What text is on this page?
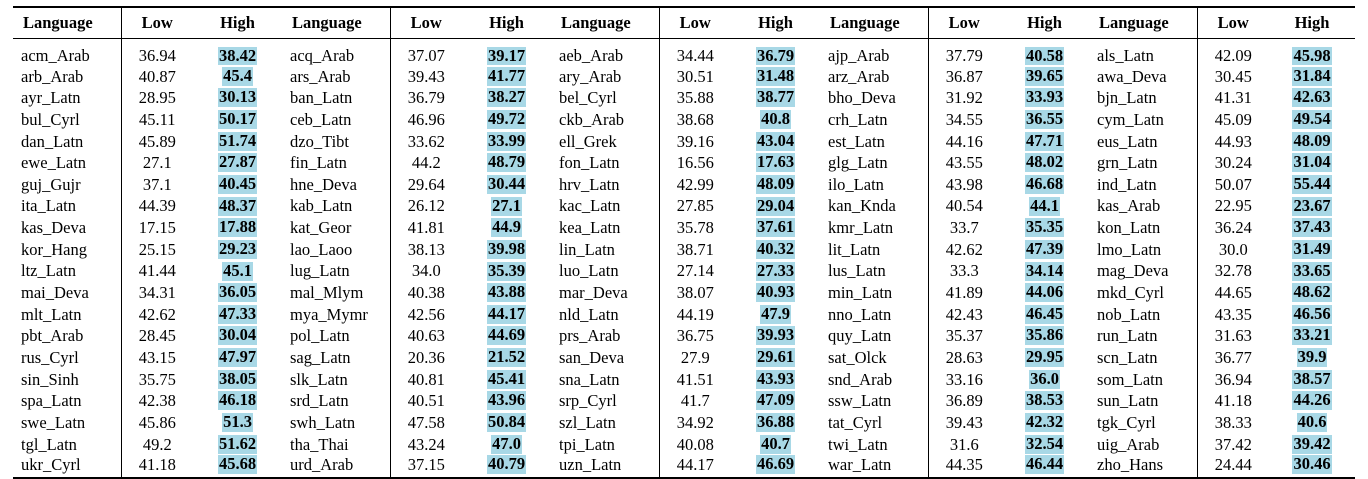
Language	Low	High	Language	Low	High	Language	Low	High	Language	Low	High	Language	Low	High
acm_Arab	36.94	38.42	acq_Arab	37.07	39.17	aeb_Arab	34.44	36.79	ajp_Arab	37.79	40.58	als_Latn	42.09	45.98
arb_Arab	40.87	45.4	ars_Arab	39.43	41.77	ary_Arab	30.51	31.48	arz_Arab	36.87	39.65	awa_Deva	30.45	31.84
ayr_Latn	28.95	30.13	ban_Latn	36.79	38.27	bel_Cyrl	35.88	38.77	bho_Deva	31.92	33.93	bjn_Latn	41.31	42.63
bul_Cyrl	45.11	50.17	ceb_Latn	46.96	49.72	ckb_Arab	38.68	40.8	crh_Latn	34.55	36.55	cym_Latn	45.09	49.54
dan_Latn	45.89	51.74	dzo_Tibt	33.62	33.99	ell_Grek	39.16	43.04	est_Latn	44.16	47.71	eus_Latn	44.93	48.09
ewe_Latn	27.1	27.87	fin_Latn	44.2	48.79	fon_Latn	16.56	17.63	glg_Latn	43.55	48.02	grn_Latn	30.24	31.04
guj_Gujr	37.1	40.45	hne_Deva	29.64	30.44	hrv_Latn	42.99	48.09	ilo_Latn	43.98	46.68	ind_Latn	50.07	55.44
ita_Latn	44.39	48.37	kab_Latn	26.12	27.1	kac_Latn	27.85	29.04	kan_Knda	40.54	44.1	kas_Arab	22.95	23.67
kas_Deva	17.15	17.88	kat_Geor	41.81	44.9	kea_Latn	35.78	37.61	kmr_Latn	33.7	35.35	kon_Latn	36.24	37.43
kor_Hang	25.15	29.23	lao_Laoo	38.13	39.98	lin_Latn	38.71	40.32	lit_Latn	42.62	47.39	lmo_Latn	30.0	31.49
ltz_Latn	41.44	45.1	lug_Latn	34.0	35.39	luo_Latn	27.14	27.33	lus_Latn	33.3	34.14	mag_Deva	32.78	33.65
mai_Deva	34.31	36.05	mal_Mlym	40.38	43.88	mar_Deva	38.07	40.93	min_Latn	41.89	44.06	mkd_Cyrl	44.65	48.62
mlt_Latn	42.62	47.33	mya_Mymr	42.56	44.17	nld_Latn	44.19	47.9	nno_Latn	42.43	46.45	nob_Latn	43.35	46.56
pbt_Arab	28.45	30.04	pol_Latn	40.63	44.69	prs_Arab	36.75	39.93	quy_Latn	35.37	35.86	run_Latn	31.63	33.21
rus_Cyrl	43.15	47.97	sag_Latn	20.36	21.52	san_Deva	27.9	29.61	sat_Olck	28.63	29.95	scn_Latn	36.77	39.9
sin_Sinh	35.75	38.05	slk_Latn	40.81	45.41	sna_Latn	41.51	43.93	snd_Arab	33.16	36.0	som_Latn	36.94	38.57
spa_Latn	42.38	46.18	srd_Latn	40.51	43.96	srp_Cyrl	41.7	47.09	ssw_Latn	36.89	38.53	sun_Latn	41.18	44.26
swe_Latn	45.86	51.3	swh_Latn	47.58	50.84	szl_Latn	34.92	36.88	tat_Cyrl	39.43	42.32	tgk_Cyrl	38.33	40.6
tgl_Latn	49.2	51.62	tha_Thai	43.24	47.0	tpi_Latn	40.08	40.7	twi_Latn	31.6	32.54	uig_Arab	37.42	39.42
ukr_Cyrl	41.18	45.68	urd_Arab	37.15	40.79	uzn_Latn	44.17	46.69	war_Latn	44.35	46.44	zho_Hans	24.44	30.46
